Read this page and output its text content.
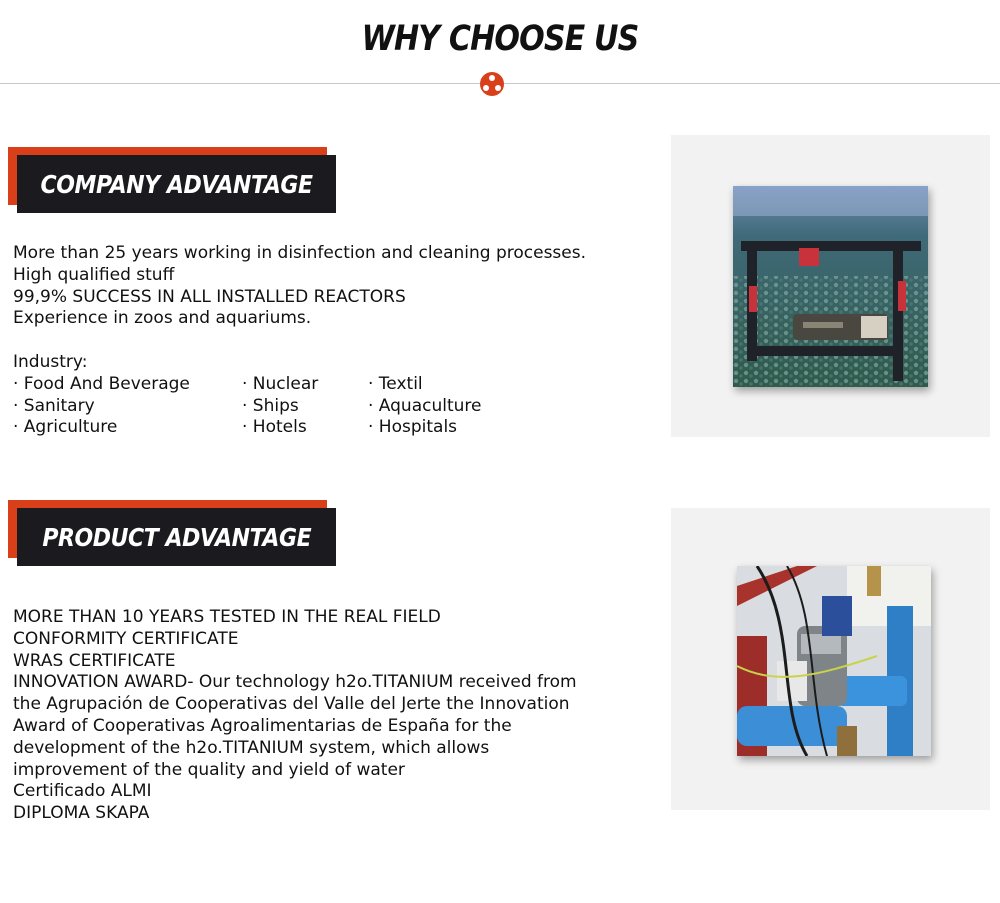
WHY CHOOSE US
COMPANY ADVANTAGE
More than 25 years working in disinfection and cleaning processes.
High qualified stuff
99,9% SUCCESS IN ALL INSTALLED REACTORS
Experience in zoos and aquariums.
Industry:
· Food And Beverage	· Nuclear	· Textil
· Sanitary	· Ships	· Aquaculture
· Agriculture	· Hotels	· Hospitals
PRODUCT ADVANTAGE
MORE THAN 10 YEARS TESTED IN THE REAL FIELD
CONFORMITY CERTIFICATE
WRAS CERTIFICATE
INNOVATION AWARD- Our technology h2o.TITANIUM received from
the Agrupación de Cooperativas del Valle del Jerte the Innovation
Award of Cooperativas Agroalimentarias de España for the
development of the h2o.TITANIUM system, which allows
improvement of the quality and yield of water
Certificado ALMI
DIPLOMA SKAPA
